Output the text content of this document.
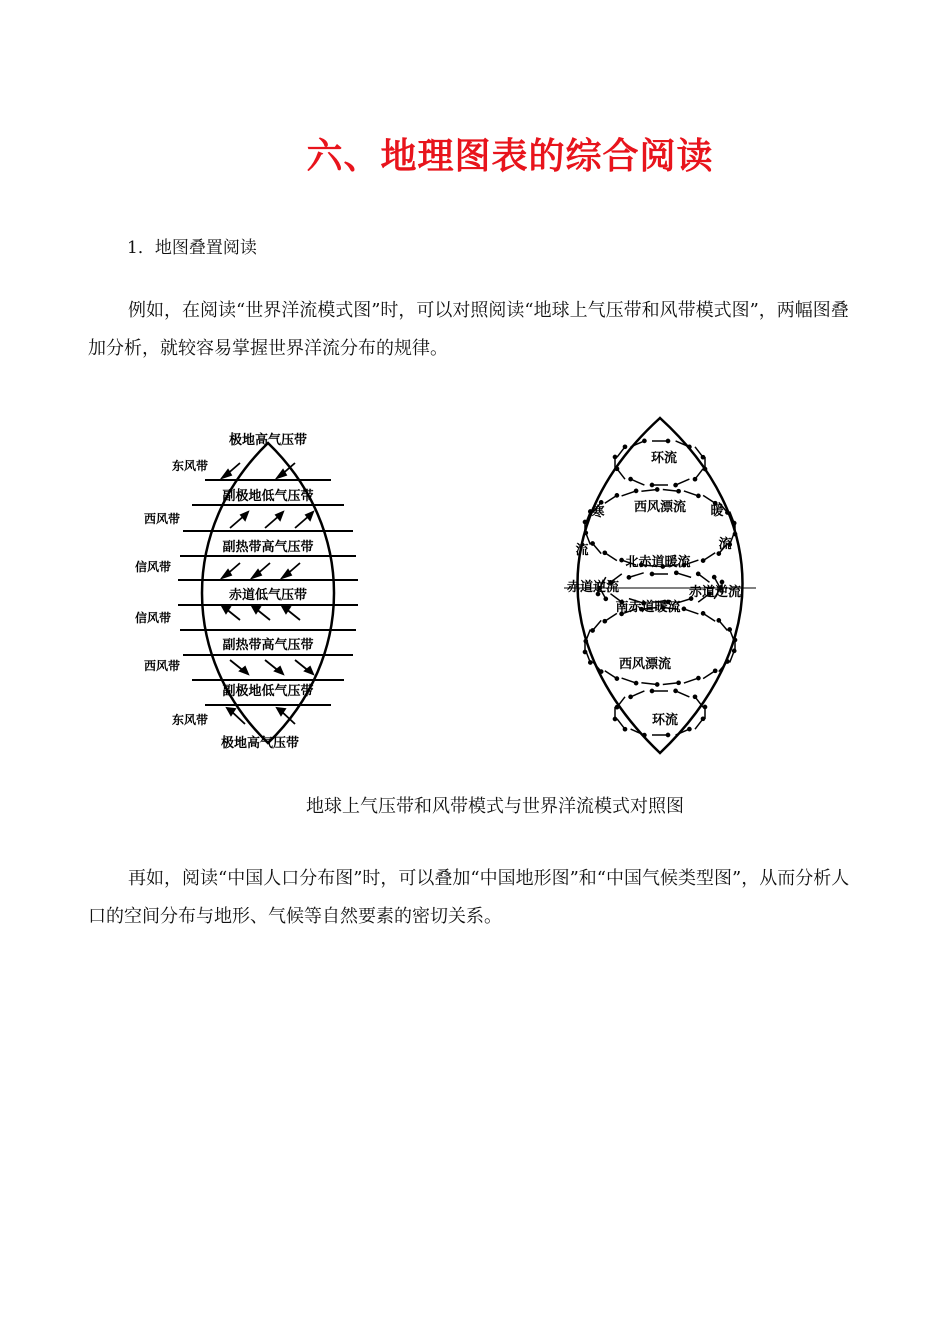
六、地理图表的综合阅读
1．地图叠置阅读
例如，在阅读“世界洋流模式图”时，可以对照阅读“地球上气压带和风带模式图”，两幅图叠加分析，就较容易掌握世界洋流分布的规律。
极地高气压带
副极地低气压带
副热带高气压带
赤道低气压带
副热带高气压带
副极地低气压带
极地高气压带
东风带
西风带
信风带
信风带
西风带
东风带
环流
西风漂流
寒
流	流
暖
北赤道暖流
赤道逆流	赤道逆流
南赤道暖流
西风漂流
环流
地球上气压带和风带模式与世界洋流模式对照图
再如，阅读“中国人口分布图”时，可以叠加“中国地形图”和“中国气候类型图”，从而分析人口的空间分布与地形、气候等自然要素的密切关系。
